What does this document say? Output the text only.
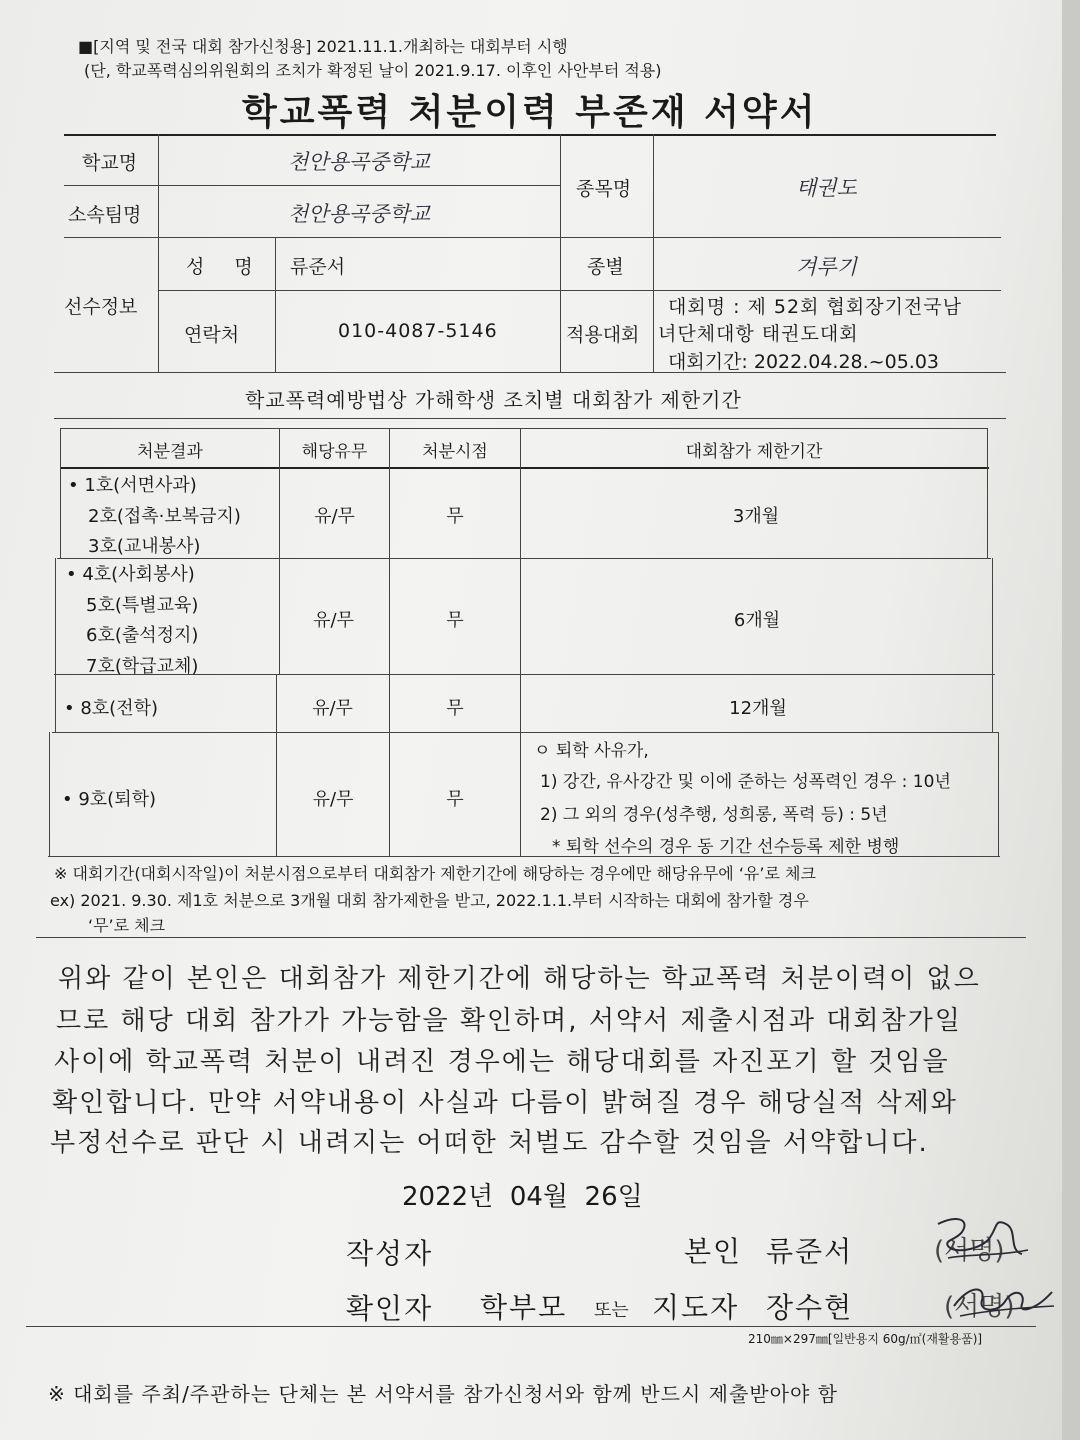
■[지역 및 전국 대회 참가신청용] 2021.11.1.개최하는 대회부터 시행
(단, 학교폭력심의위원회의 조치가 확정된 날이 2021.9.17. 이후인 사안부터 적용)
학교폭력 처분이력 부존재 서약서
학교명	천안용곡중학교
소속팀명	천안용곡중학교
종목명	태권도
선수정보
성  명 류준서	종별	겨루기
연락처	010-4087-5146	적용대회
대회명 : 제 52회 협회장기전국남
녀단체대항 태권도대회
대회기간: 2022.04.28.~05.03
학교폭력예방법상 가해학생 조치별 대회참가 제한기간
처분결과	해당유무	처분시점	대회참가 제한기간
• 1호(서면사과)
2호(접촉·보복금지)
3호(교내봉사)
유/무	무	3개월
• 4호(사회봉사)
5호(특별교육)
6호(출석정지)
7호(학급교체)
유/무	무	6개월
• 8호(전학)	유/무	무	12개월
• 9호(퇴학)	유/무	무
ㅇ 퇴학 사유가,
1) 강간, 유사강간 및 이에 준하는 성폭력인 경우 : 10년
2) 그 외의 경우(성추행, 성희롱, 폭력 등) : 5년
* 퇴학 선수의 경우 동 기간 선수등록 제한 병행
※ 대회기간(대회시작일)이 처분시점으로부터 대회참가 제한기간에 해당하는 경우에만 해당유무에 ‘유’로 체크
ex) 2021. 9.30. 제1호 처분으로 3개월 대회 참가제한을 받고, 2022.1.1.부터 시작하는 대회에 참가할 경우
‘무’로 체크
위와 같이 본인은 대회참가 제한기간에 해당하는 학교폭력 처분이력이 없으
므로 해당 대회 참가가 가능함을 확인하며, 서약서 제출시점과 대회참가일
사이에 학교폭력 처분이 내려진 경우에는 해당대회를 자진포기 할 것임을
확인합니다. 만약 서약내용이 사실과 다름이 밝혀질 경우 해당실적 삭제와
부정선수로 판단 시 내려지는 어떠한 처벌도 감수할 것임을 서약합니다.
2022년  04월  26일
작성자	본인 류준서	(서명)
확인자 학부모 또는 지도자 장수현	(서명)
210㎜×297㎜[일반용지 60g/㎡(재활용품)]
※ 대회를 주최/주관하는 단체는 본 서약서를 참가신청서와 함께 반드시 제출받아야 함
